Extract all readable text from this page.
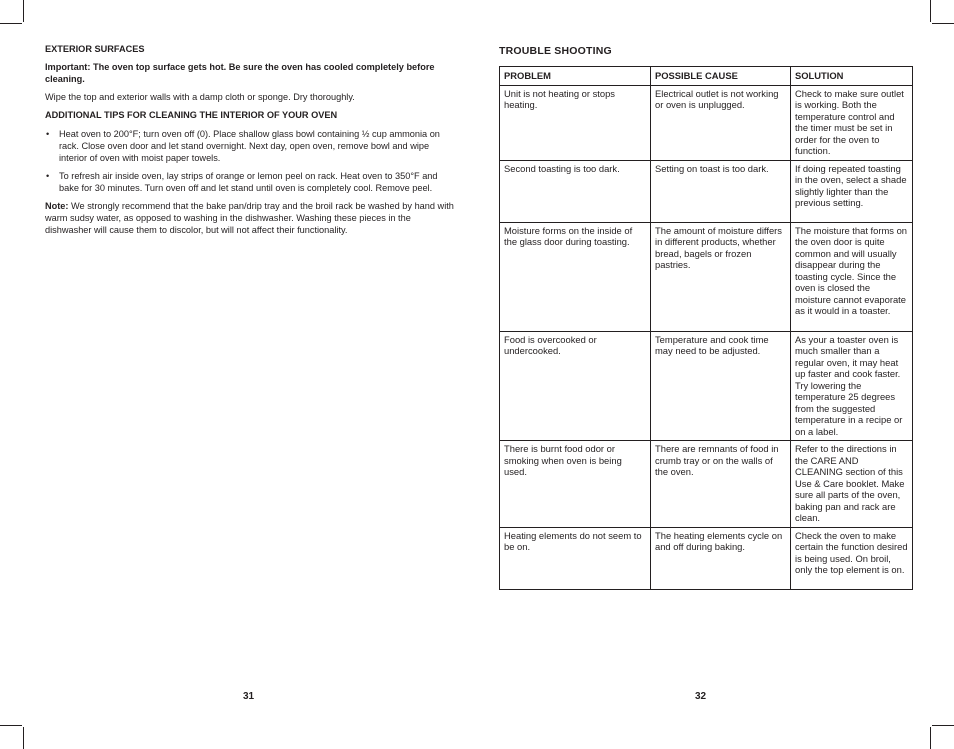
EXTERIOR SURFACES

Important: The oven top surface gets hot. Be sure the oven has cooled completely before cleaning.

Wipe the top and exterior walls with a damp cloth or sponge. Dry thoroughly.

ADDITIONAL TIPS FOR CLEANING THE INTERIOR OF YOUR OVEN

• Heat oven to 200°F; turn oven off (0). Place shallow glass bowl containing ½ cup ammonia on rack. Close oven door and let stand overnight. Next day, open oven, remove bowl and wipe interior of oven with moist paper towels.
• To refresh air inside oven, lay strips of orange or lemon peel on rack. Heat oven to 350°F and bake for 30 minutes. Turn oven off and let stand until oven is completely cool. Remove peel.

Note: We strongly recommend that the bake pan/drip tray and the broil rack be washed by hand with warm sudsy water, as opposed to washing in the dishwasher. Washing these pieces in the dishwasher will cause them to discolor, but will not affect their functionality.

TROUBLE SHOOTING

PROBLEM	POSSIBLE CAUSE	SOLUTION
Unit is not heating or stops heating.	Electrical outlet is not working or oven is unplugged.	Check to make sure outlet is working. Both the temperature control and the timer must be set in order for the oven to function.
Second toasting is too dark.	Setting on toast is too dark.	If doing repeated toasting in the oven, select a shade slightly lighter than the previous setting.
Moisture forms on the inside of the glass door during toasting.	The amount of moisture differs in different products, whether bread, bagels or frozen pastries.	The moisture that forms on the oven door is quite common and will usually disappear during the toasting cycle. Since the oven is closed the moisture cannot evaporate as it would in a toaster.
Food is overcooked or undercooked.	Temperature and cook time may need to be adjusted.	As your a toaster oven is much smaller than a regular oven, it may heat up faster and cook faster. Try lowering the temperature 25 degrees from the suggested temperature in a recipe or on a label.
There is burnt food odor or smoking when oven is being used.	There are remnants of food in crumb tray or on the walls of the oven.	Refer to the directions in the CARE AND CLEANING section of this Use & Care booklet. Make sure all parts of the oven, baking pan and rack are clean.
Heating elements do not seem to be on.	The heating elements cycle on and off during baking.	Check the oven to make certain the function desired is being used. On broil, only the top element is on.
31	32
